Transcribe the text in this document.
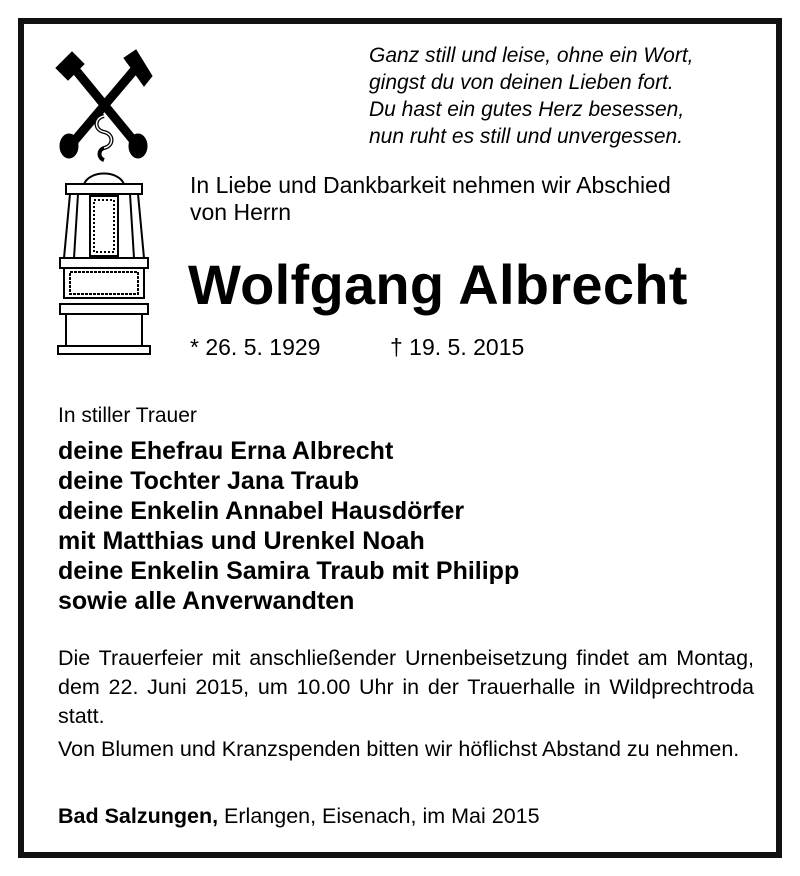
Ganz still und leise, ohne ein Wort,
gingst du von deinen Lieben fort.
Du hast ein gutes Herz besessen,
nun ruht es still und unvergessen.
In Liebe und Dankbarkeit nehmen wir Abschied
von Herrn
Wolfgang Albrecht
* 26. 5. 1929	† 19. 5. 2015
In stiller Trauer
deine Ehefrau Erna Albrecht
deine Tochter Jana Traub
deine Enkelin Annabel Hausdörfer
mit Matthias und Urenkel Noah
deine Enkelin Samira Traub mit Philipp
sowie alle Anverwandten
Die Trauerfeier mit anschließender Urnenbeisetzung findet am Montag, dem 22. Juni 2015, um 10.00 Uhr in der Trauerhalle in Wildprechtroda statt.
Von Blumen und Kranzspenden bitten wir höflichst Abstand zu nehmen.
Bad Salzungen, Erlangen, Eisenach, im Mai 2015
